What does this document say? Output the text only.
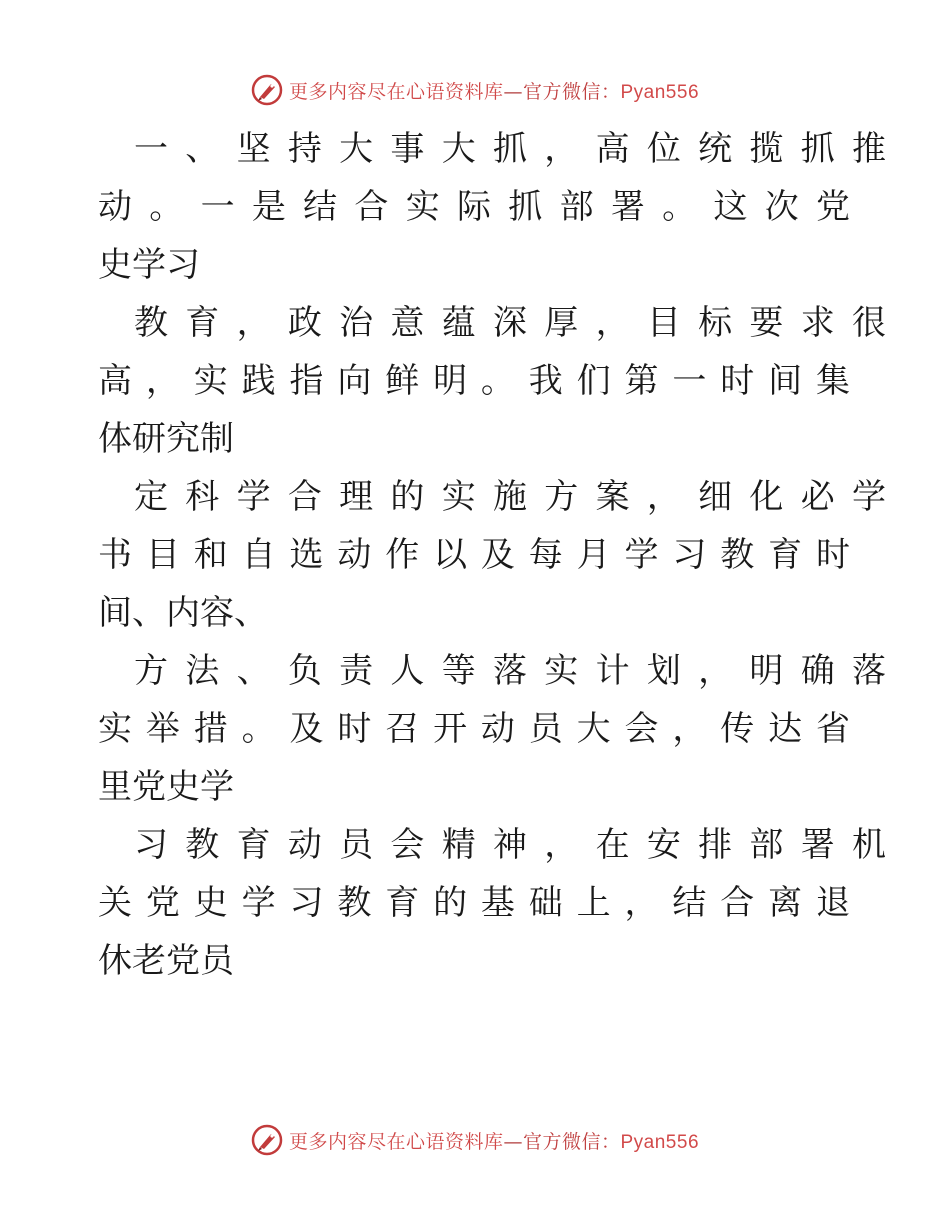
更多内容尽在心语资料库—官方微信：Pyan556
一、坚持大事大抓，高位统揽抓推
动。一是结合实际抓部署。这次党
史学习
教育，政治意蕴深厚，目标要求很
高，实践指向鲜明。我们第一时间集
体研究制
定科学合理的实施方案，细化必学
书目和自选动作以及每月学习教育时
间、内容、
方法、负责人等落实计划，明确落
实举措。及时召开动员大会，传达省
里党史学
习教育动员会精神，在安排部署机
关党史学习教育的基础上，结合离退
休老党员
更多内容尽在心语资料库—官方微信：Pyan556
